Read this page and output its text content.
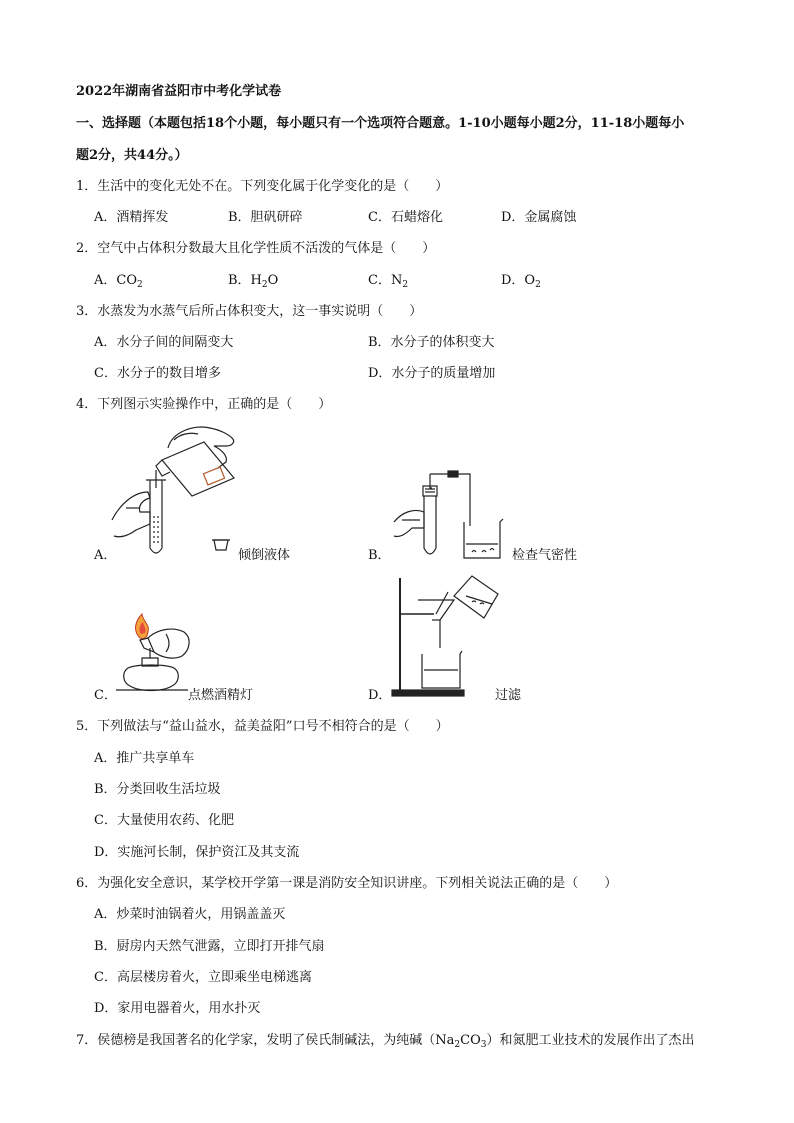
2022年湖南省益阳市中考化学试卷
一、选择题（本题包括18个小题，每小题只有一个选项符合题意。1-10小题每小题2分，11-18小题每小
题2分，共44分。）
1．生活中的变化无处不在。下列变化属于化学变化的是（　　）
A．酒精挥发	B．胆矾研碎	C．石蜡熔化	D．金属腐蚀
2．空气中占体积分数最大且化学性质不活泼的气体是（　　）
A．$CO_2$	B．$H_2O$	C．$N_2$	D．$O_2$
3．水蒸发为水蒸气后所占体积变大，这一事实说明（　　）
A．水分子间的间隔变大	B．水分子的体积变大
C．水分子的数目增多	D．水分子的质量增加
4．下列图示实验操作中，正确的是（　　）
A．	倾倒液体	B．	检查气密性
C．	点燃酒精灯	D．	过滤
5．下列做法与“益山益水，益美益阳”口号不相符合的是（　　）
A．推广共享单车
B．分类回收生活垃圾
C．大量使用农药、化肥
D．实施河长制，保护资江及其支流
6．为强化安全意识，某学校开学第一课是消防安全知识讲座。下列相关说法正确的是（　　）
A．炒菜时油锅着火，用锅盖盖灭
B．厨房内天然气泄露，立即打开排气扇
C．高层楼房着火，立即乘坐电梯逃离
D．家用电器着火，用水扑灭
7．侯德榜是我国著名的化学家，发明了侯氏制碱法，为纯碱$(Na_2CO_3)$和氮肥工业技术的发展作出了杰出
